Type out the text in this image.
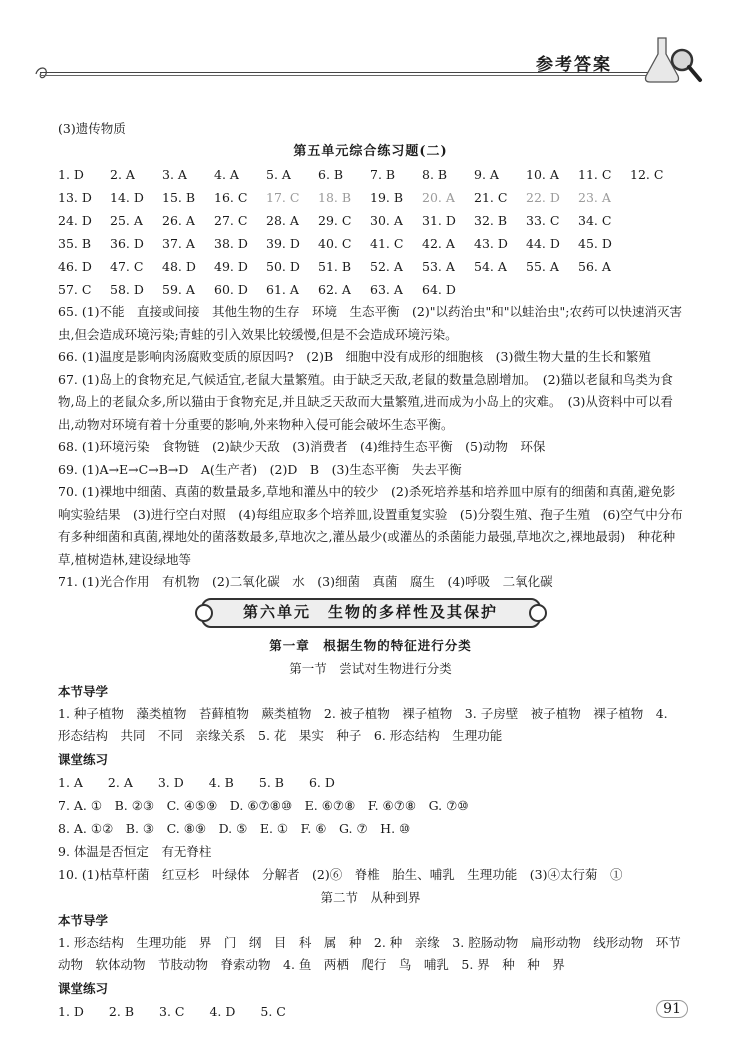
参考答案
(3)遗传物质
第五单元综合练习题(二)
1. D	2. A	3. A	4. A	5. A	6. B	7. B	8. B	9. A	10. A	11. C	12. C
13. D	14. D	15. B	16. C	17. C	18. B	19. B	20. A	21. C	22. D	23. A
24. D	25. A	26. A	27. C	28. A	29. C	30. A	31. D	32. B	33. C	34. C
35. B	36. D	37. A	38. D	39. D	40. C	41. C	42. A	43. D	44. D	45. D
46. D	47. C	48. D	49. D	50. D	51. B	52. A	53. A	54. A	55. A	56. A
57. C	58. D	59. A	60. D	61. A	62. A	63. A	64. D
65. (1)不能　直接或间接　其他生物的生存　环境　生态平衡　(2)"以药治虫"和"以蛙治虫";农药可以快速消灭害虫,但会造成环境污染;青蛙的引入效果比较缓慢,但是不会造成环境污染。
66. (1)温度是影响肉汤腐败变质的原因吗?　(2)B　细胞中没有成形的细胞核　(3)微生物大量的生长和繁殖
67. (1)岛上的食物充足,气候适宜,老鼠大量繁殖。由于缺乏天敌,老鼠的数量急剧增加。　(2)猫以老鼠和鸟类为食物,岛上的老鼠众多,所以猫由于食物充足,并且缺乏天敌而大量繁殖,进而成为小岛上的灾难。　(3)从资料中可以看出,动物对环境有着十分重要的影响,外来物种入侵可能会破坏生态平衡。
68. (1)环境污染　食物链　(2)缺少天敌　(3)消费者　(4)维持生态平衡　(5)动物　环保
69. (1)A→E→C→B→D　A(生产者)　(2)D　B　(3)生态平衡　失去平衡
70. (1)裸地中细菌、真菌的数量最多,草地和灌丛中的较少　(2)杀死培养基和培养皿中原有的细菌和真菌,避免影响实验结果　(3)进行空白对照　(4)每组应取多个培养皿,设置重复实验　(5)分裂生殖、孢子生殖　(6)空气中分布有多种细菌和真菌,裸地处的菌落数最多,草地次之,灌丛最少(或灌丛的杀菌能力最强,草地次之,裸地最弱)　种花种草,植树造林,建设绿地等
71. (1)光合作用　有机物　(2)二氧化碳　水　(3)细菌　真菌　腐生　(4)呼吸　二氧化碳
第六单元　生物的多样性及其保护
第一章　根据生物的特征进行分类
第一节　尝试对生物进行分类
本节导学
1. 种子植物　藻类植物　苔藓植物　蕨类植物　2. 被子植物　裸子植物　3. 子房壁　被子植物　裸子植物　4. 形态结构　共同　不同　亲缘关系　5. 花　果实　种子　6. 形态结构　生理功能
课堂练习
1. A　　2. A　　3. D　　4. B　　5. B　　6. D
7. A. ①　B. ②③　C. ④⑤⑨　D. ⑥⑦⑧⑩　E. ⑥⑦⑧　F. ⑥⑦⑧　G. ⑦⑩
8. A. ①②　B. ③　C. ⑧⑨　D. ⑤　E. ①　F. ⑥　G. ⑦　H. ⑩
9. 体温是否恒定　有无脊柱
10. (1)枯草杆菌　红豆杉　叶绿体　分解者　(2)⑥　脊椎　胎生、哺乳　生理功能　(3)④太行菊　①
第二节　从种到界
本节导学
1. 形态结构　生理功能　界　门　纲　目　科　属　种　2. 种　亲缘　3. 腔肠动物　扁形动物　线形动物　环节动物　软体动物　节肢动物　脊索动物　4. 鱼　两栖　爬行　鸟　哺乳　5. 界　种　种　界
课堂练习
1. D　　2. B　　3. C　　4. D　　5. C	91
